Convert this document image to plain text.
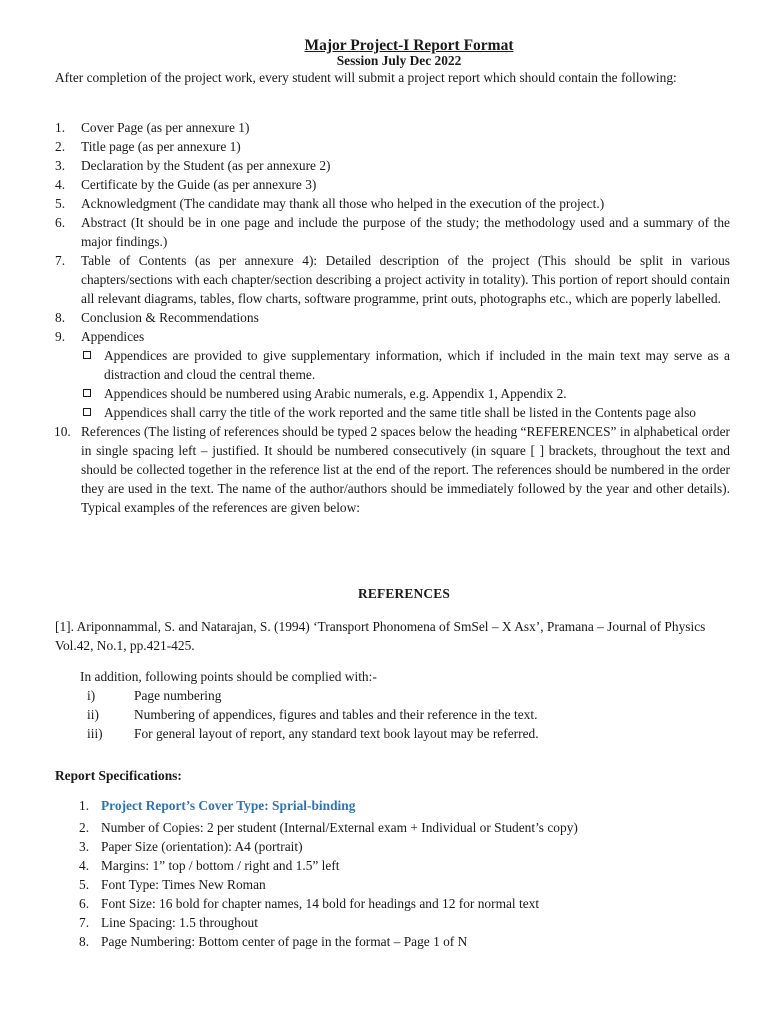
Major Project-I Report Format
Session July Dec 2022
After completion of the project work, every student will submit a project report which should contain the following:
1. Cover Page (as per annexure 1)
2. Title page (as per annexure 1)
3. Declaration by the Student (as per annexure 2)
4. Certificate by the Guide (as per annexure 3)
5. Acknowledgment (The candidate may thank all those who helped in the execution of the project.)
6. Abstract (It should be in one page and include the purpose of the study; the methodology used and a summary of the major findings.)
7. Table of Contents (as per annexure 4): Detailed description of the project (This should be split in various chapters/sections with each chapter/section describing a project activity in totality). This portion of report should contain all relevant diagrams, tables, flow charts, software programme, print outs, photographs etc., which are poperly labelled.
8. Conclusion & Recommendations
9. Appendices
Appendices are provided to give supplementary information, which if included in the main text may serve as a distraction and cloud the central theme.
Appendices should be numbered using Arabic numerals, e.g. Appendix 1, Appendix 2.
Appendices shall carry the title of the work reported and the same title shall be listed in the Contents page also
10. References (The listing of references should be typed 2 spaces below the heading “REFERENCES” in alphabetical order in single spacing left – justified. It should be numbered consecutively (in square [ ] brackets, throughout the text and should be collected together in the reference list at the end of the report. The references should be numbered in the order they are used in the text. The name of the author/authors should be immediately followed by the year and other details). Typical examples of the references are given below:
REFERENCES
[1]. Ariponnammal, S. and Natarajan, S. (1994) ‘Transport Phonomena of SmSel – X Asx’, Pramana – Journal of Physics Vol.42, No.1, pp.421-425.
In addition, following points should be complied with:-
i)	Page numbering
ii)	Numbering of appendices, figures and tables and their reference in the text.
iii) For general layout of report, any standard text book layout may be referred.
Report Specifications:
1. Project Report’s Cover Type: Sprial-binding
2. Number of Copies: 2 per student (Internal/External exam + Individual or Student’s copy)
3. Paper Size (orientation): A4 (portrait)
4. Margins: 1” top / bottom / right and 1.5” left
5. Font Type: Times New Roman
6. Font Size: 16 bold for chapter names, 14 bold for headings and 12 for normal text
7. Line Spacing: 1.5 throughout
8. Page Numbering: Bottom center of page in the format – Page 1 of N
